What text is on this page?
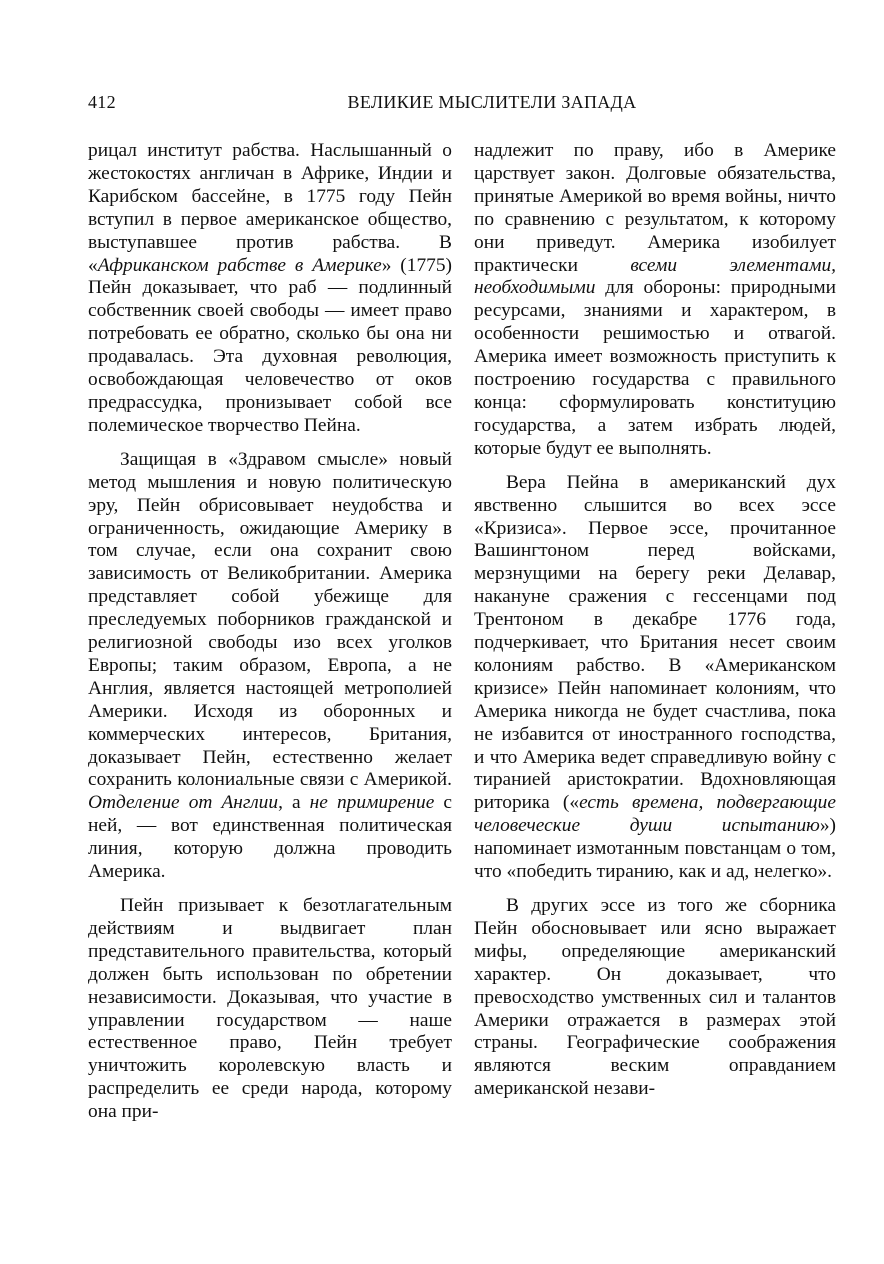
412	ВЕЛИКИЕ МЫСЛИТЕЛИ ЗАПАДА

рицал институт рабства. Наслышанный о жестокостях англичан в Африке, Индии и Карибском бассейне, в 1775 году Пейн вступил в первое американское общество, выступавшее против рабства. В «Африканском рабстве в Америке» (1775) Пейн доказывает, что раб — подлинный собственник своей свободы — имеет право потребовать ее обратно, сколько бы она ни продавалась. Эта духовная революция, освобождающая человечество от оков предрассудка, пронизывает собой все полемическое творчество Пейна.

Защищая в «Здравом смысле» новый метод мышления и новую политическую эру, Пейн обрисовывает неудобства и ограниченность, ожидающие Америку в том случае, если она сохранит свою зависимость от Великобритании. Америка представляет собой убежище для преследуемых поборников гражданской и религиозной свободы изо всех уголков Европы; таким образом, Европа, а не Англия, является настоящей метрополией Америки. Исходя из оборонных и коммерческих интересов, Британия, доказывает Пейн, естественно желает сохранить колониальные связи с Америкой. Отделение от Англии, а не примирение с ней, — вот единственная политическая линия, которую должна проводить Америка.

Пейн призывает к безотлагательным действиям и выдвигает план представительного правительства, который должен быть использован по обретении независимости. Доказывая, что участие в управлении государством — наше естественное право, Пейн требует уничтожить королевскую власть и распределить ее среди народа, которому она при-

надлежит по праву, ибо в Америке царствует закон. Долговые обязательства, принятые Америкой во время войны, ничто по сравнению с результатом, к которому они приведут. Америка изобилует практически всеми элементами, необходимыми для обороны: природными ресурсами, знаниями и характером, в особенности решимостью и отвагой. Америка имеет возможность приступить к построению государства с правильного конца: сформулировать конституцию государства, а затем избрать людей, которые будут ее выполнять.

Вера Пейна в американский дух явственно слышится во всех эссе «Кризиса». Первое эссе, прочитанное Вашингтоном перед войсками, мерзнущими на берегу реки Делавар, накануне сражения с гессенцами под Трентоном в декабре 1776 года, подчеркивает, что Британия несет своим колониям рабство. В «Американском кризисе» Пейн напоминает колониям, что Америка никогда не будет счастлива, пока не избавится от иностранного господства, и что Америка ведет справедливую войну с тиранией аристократии. Вдохновляющая риторика («есть времена, подвергающие человеческие души испытанию») напоминает измотанным повстанцам о том, что «победить тиранию, как и ад, нелегко».

В других эссе из того же сборника Пейн обосновывает или ясно выражает мифы, определяющие американский характер. Он доказывает, что превосходство умственных сил и талантов Америки отражается в размерах этой страны. Географические соображения являются веским оправданием американской незави-
